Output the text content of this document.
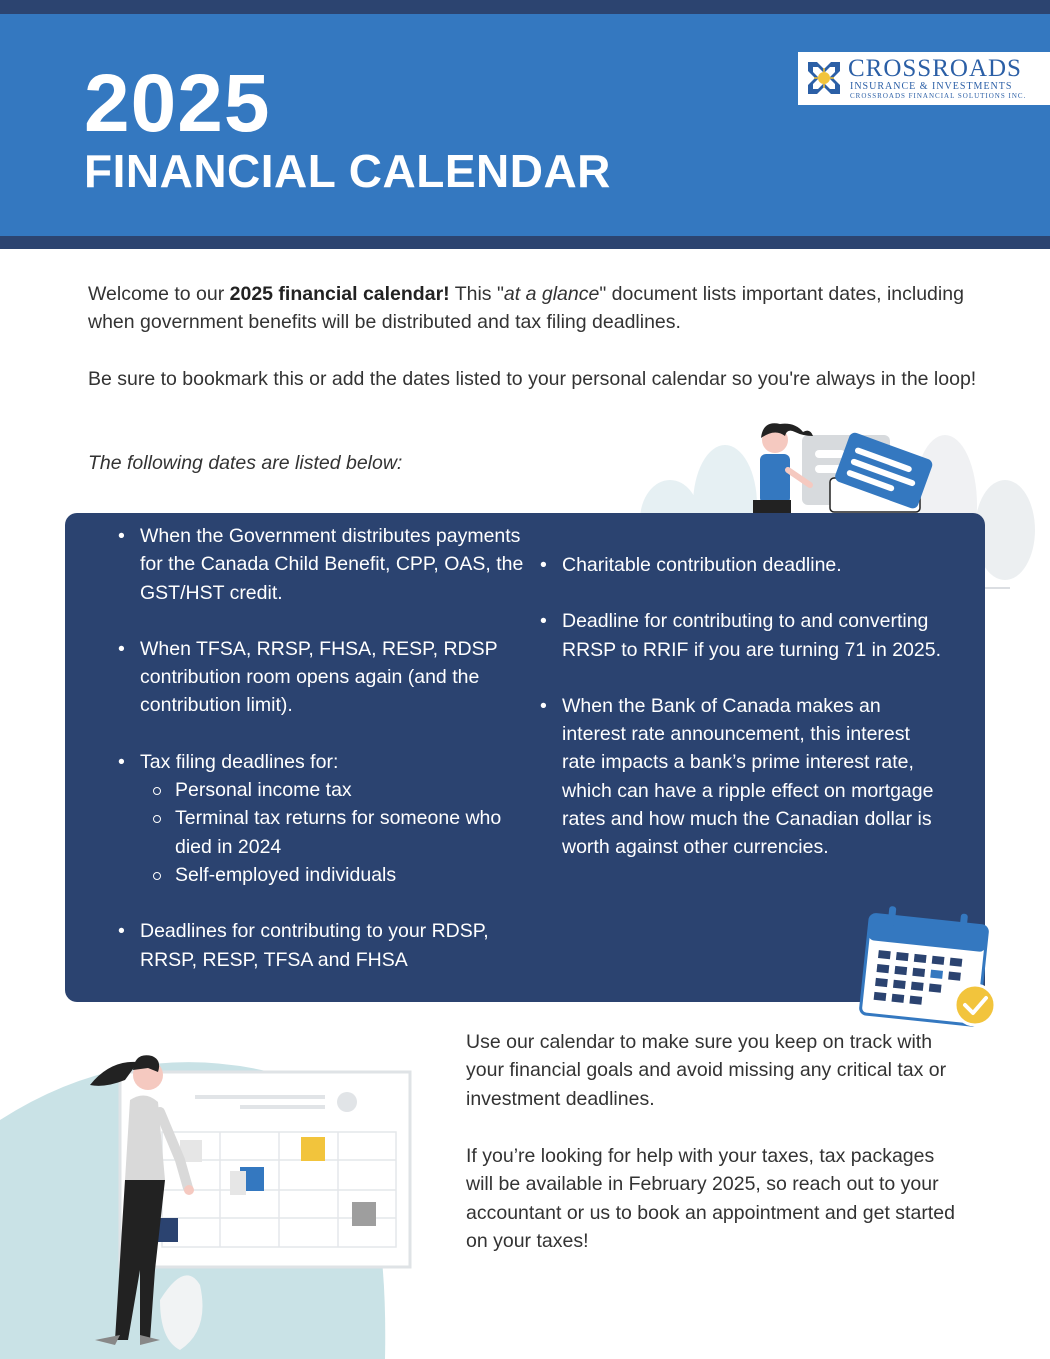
2025
FINANCIAL CALENDAR
CROSSROADS
INSURANCE & INVESTMENTS
CROSSROADS FINANCIAL SOLUTIONS INC.
Welcome to our 2025 financial calendar! This "at a glance" document lists important dates, including when government benefits will be distributed and tax filing deadlines.
Be sure to bookmark this or add the dates listed to your personal calendar so you're always in the loop!
The following dates are listed below:
• When the Government distributes payments for the Canada Child Benefit, CPP, OAS, the GST/HST credit.
• When TFSA, RRSP, FHSA, RESP, RDSP contribution room opens again (and the contribution limit).
• Tax filing deadlines for:
Personal income tax
Terminal tax returns for someone who died in 2024
Self-employed individuals
• Deadlines for contributing to your RDSP, RRSP, RESP, TFSA and FHSA
• Charitable contribution deadline.
• Deadline for contributing to and converting RRSP to RRIF if you are turning 71 in 2025.
• When the Bank of Canada makes an interest rate announcement, this interest rate impacts a bank’s prime interest rate, which can have a ripple effect on mortgage rates and how much the Canadian dollar is worth against other currencies.
Use our calendar to make sure you keep on track with your financial goals and avoid missing any critical tax or investment deadlines.
If you’re looking for help with your taxes, tax packages will be available in February 2025, so reach out to your accountant or us to book an appointment and get started on your taxes!
